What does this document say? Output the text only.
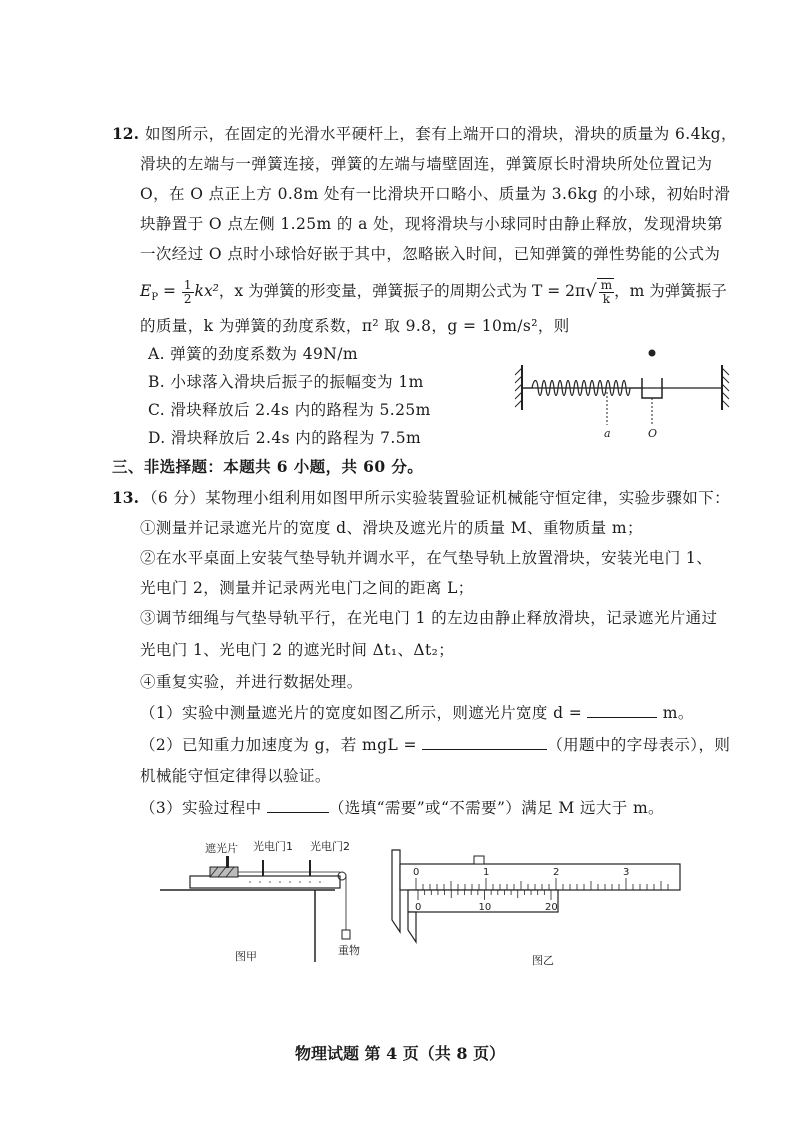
12. 如图所示，在固定的光滑水平硬杆上，套有上端开口的滑块，滑块的质量为 6.4kg，
滑块的左端与一弹簧连接，弹簧的左端与墙壁固连，弹簧原长时滑块所处位置记为
O，在 O 点正上方 0.8m 处有一比滑块开口略小、质量为 3.6kg 的小球，初始时滑
块静置于 O 点左侧 1.25m 的 a 处，现将滑块与小球同时由静止释放，发现滑块第
一次经过 O 点时小球恰好嵌于其中，忽略嵌入时间，已知弹簧的弹性势能的公式为
$E_P = \frac{1}{2} kx^2$，x 为弹簧的形变量，弹簧振子的周期公式为 $T = 2\pi√ \frac{m}{k}$ ，m 为弹簧振子
的质量，k 为弹簧的劲度系数，π² 取 9.8，g = 10m/s²，则
A. 弹簧的劲度系数为 49N/m
B. 小球落入滑块后振子的振幅变为 1m
C. 滑块释放后 2.4s 内的路程为 5.25m
D. 滑块释放后 2.4s 内的路程为 7.5m	a	O
三、非选择题：本题共 6 小题，共 60 分。
13. （6 分）某物理小组利用如图甲所示实验装置验证机械能守恒定律，实验步骤如下：
①测量并记录遮光片的宽度 d、滑块及遮光片的质量 M、重物质量 m；
②在水平桌面上安装气垫导轨并调水平，在气垫导轨上放置滑块，安装光电门 1、
光电门 2，测量并记录两光电门之间的距离 L；
③调节细绳与气垫导轨平行，在光电门 1 的左边由静止释放滑块，记录遮光片通过
光电门 1、光电门 2 的遮光时间 Δt₁、Δt₂；
④重复实验，并进行数据处理。
（1）实验中测量遮光片的宽度如图乙所示，则遮光片宽度 d =	m。
（2）已知重力加速度为 g，若 mgL =	（用题中的字母表示），则
机械能守恒定律得以验证。
（3）实验过程中	（选填“需要”或“不需要”）满足 M 远大于 m。
遮光片 光电门1 光电门2
重物
图甲	图乙
0	1	2	3
0	10	20
物理试题 第 4 页（共 8 页）
